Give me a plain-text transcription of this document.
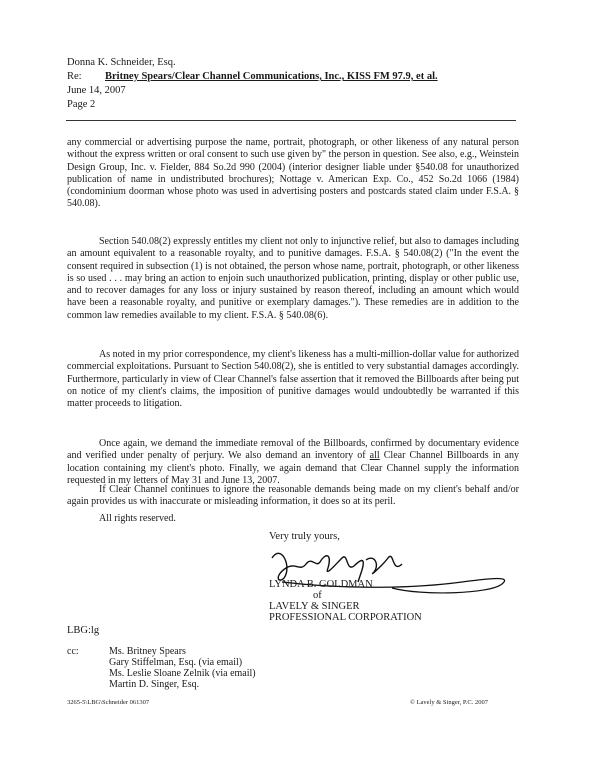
Donna K. Schneider, Esq.
Re: Britney Spears/Clear Channel Communications, Inc., KISS FM 97.9, et al.
June 14, 2007
Page 2

any commercial or advertising purpose the name, portrait, photograph, or other likeness of any natural person without the express written or oral consent to such use given by" the person in question. See also, e.g., Weinstein Design Group, Inc. v. Fielder, 884 So.2d 990 (2004) (interior designer liable under §540.08 for unauthorized publication of name in undistributed brochures); Nottage v. American Exp. Co., 452 So.2d 1066 (1984) (condominium doorman whose photo was used in advertising posters and postcards stated claim under F.S.A. § 540.08).

Section 540.08(2) expressly entitles my client not only to injunctive relief, but also to damages including an amount equivalent to a reasonable royalty, and to punitive damages. F.S.A. § 540.08(2) ("In the event the consent required in subsection (1) is not obtained, the person whose name, portrait, photograph, or other likeness is so used . . . may bring an action to enjoin such unauthorized publication, printing, display or other public use, and to recover damages for any loss or injury sustained by reason thereof, including an amount which would have been a reasonable royalty, and punitive or exemplary damages."). These remedies are in addition to the common law remedies available to my client. F.S.A. § 540.08(6).

As noted in my prior correspondence, my client's likeness has a multi-million-dollar value for authorized commercial exploitations. Pursuant to Section 540.08(2), she is entitled to very substantial damages accordingly. Furthermore, particularly in view of Clear Channel's false assertion that it removed the Billboards after being put on notice of my client's claims, the imposition of punitive damages would undoubtedly be warranted if this matter proceeds to litigation.

Once again, we demand the immediate removal of the Billboards, confirmed by documentary evidence and verified under penalty of perjury. We also demand an inventory of all Clear Channel Billboards in any location containing my client's photo. Finally, we again demand that Clear Channel supply the information requested in my letters of May 31 and June 13, 2007.

If Clear Channel continues to ignore the reasonable demands being made on my client's behalf and/or again provides us with inaccurate or misleading information, it does so at its peril.

All rights reserved.

Very truly yours,
LYNDA B. GOLDMAN
of
LAVELY & SINGER
PROFESSIONAL CORPORATION
LBG:lg
cc:	Ms. Britney Spears
Gary Stiffelman, Esq. (via email)
Ms. Leslie Sloane Zelnik (via email)
Martin D. Singer, Esq.
3265-5\LBG\Schneider 061307	© Lavely & Singer, P.C. 2007
